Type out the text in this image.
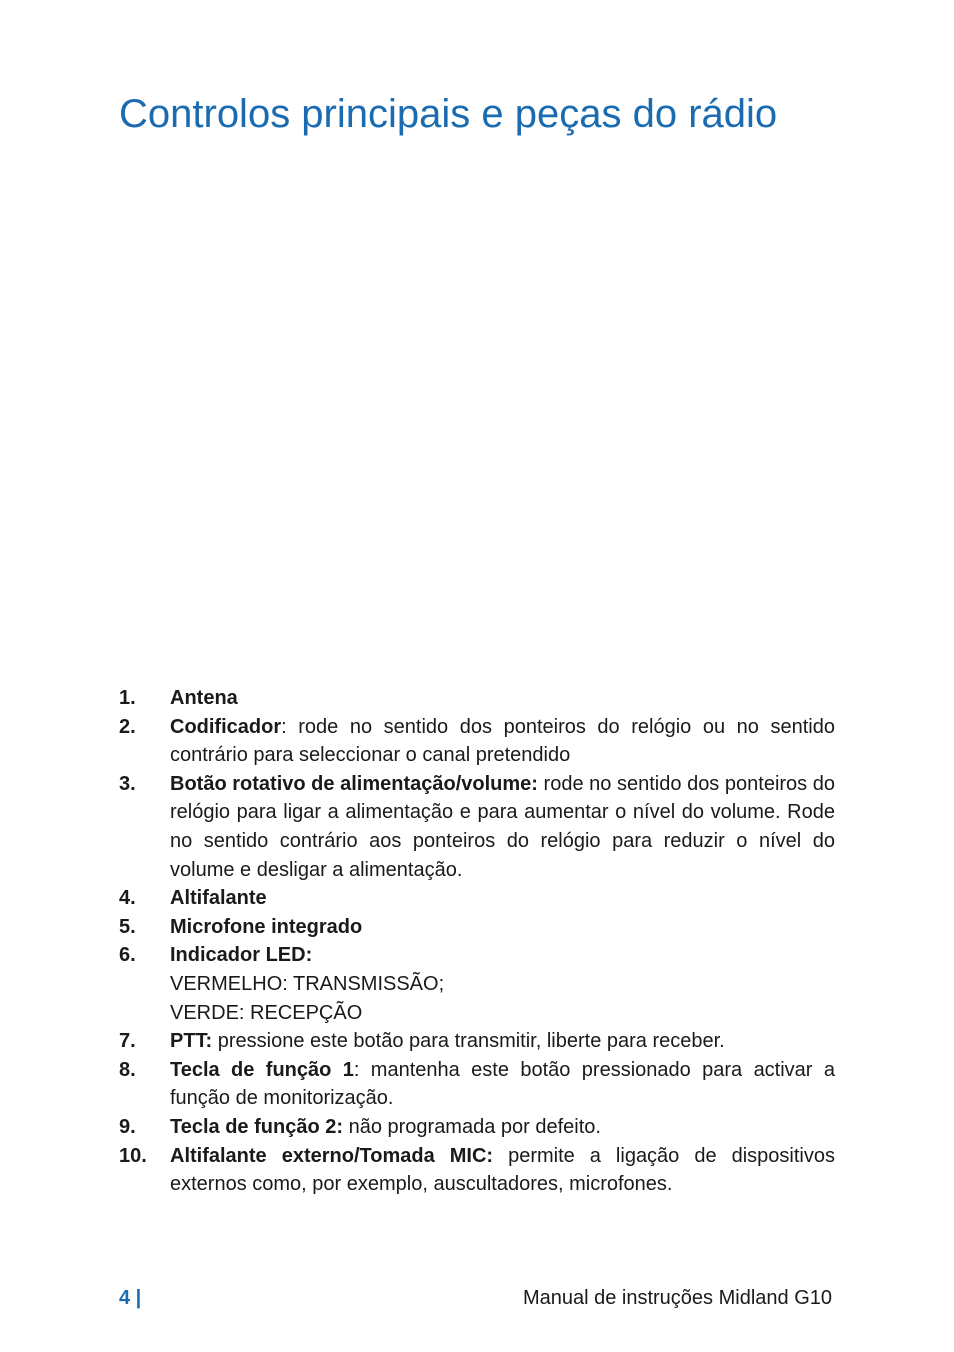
Controlos principais e peças do rádio
1. Antena
2. Codificador: rode no sentido dos ponteiros do relógio ou no sentido contrário para seleccionar o canal pretendido
3. Botão rotativo de alimentação/volume: rode no sentido dos ponteiros do relógio para ligar a alimentação e para aumentar o nível do volume. Rode no sentido contrário aos ponteiros do relógio para reduzir o nível do volume e desligar a alimentação.
4. Altifalante
5. Microfone integrado
6. Indicador LED:
VERMELHO: TRANSMISSÃO;
VERDE: RECEPÇÃO
7. PTT: pressione este botão para transmitir, liberte para receber.
8. Tecla de função 1: mantenha este botão pressionado para activar a função de monitorização.
9. Tecla de função 2: não programada por defeito.
10. Altifalante externo/Tomada MIC: permite a ligação de dispositivos externos como, por exemplo, auscultadores, microfones.
4 |	Manual de instruções Midland G10
